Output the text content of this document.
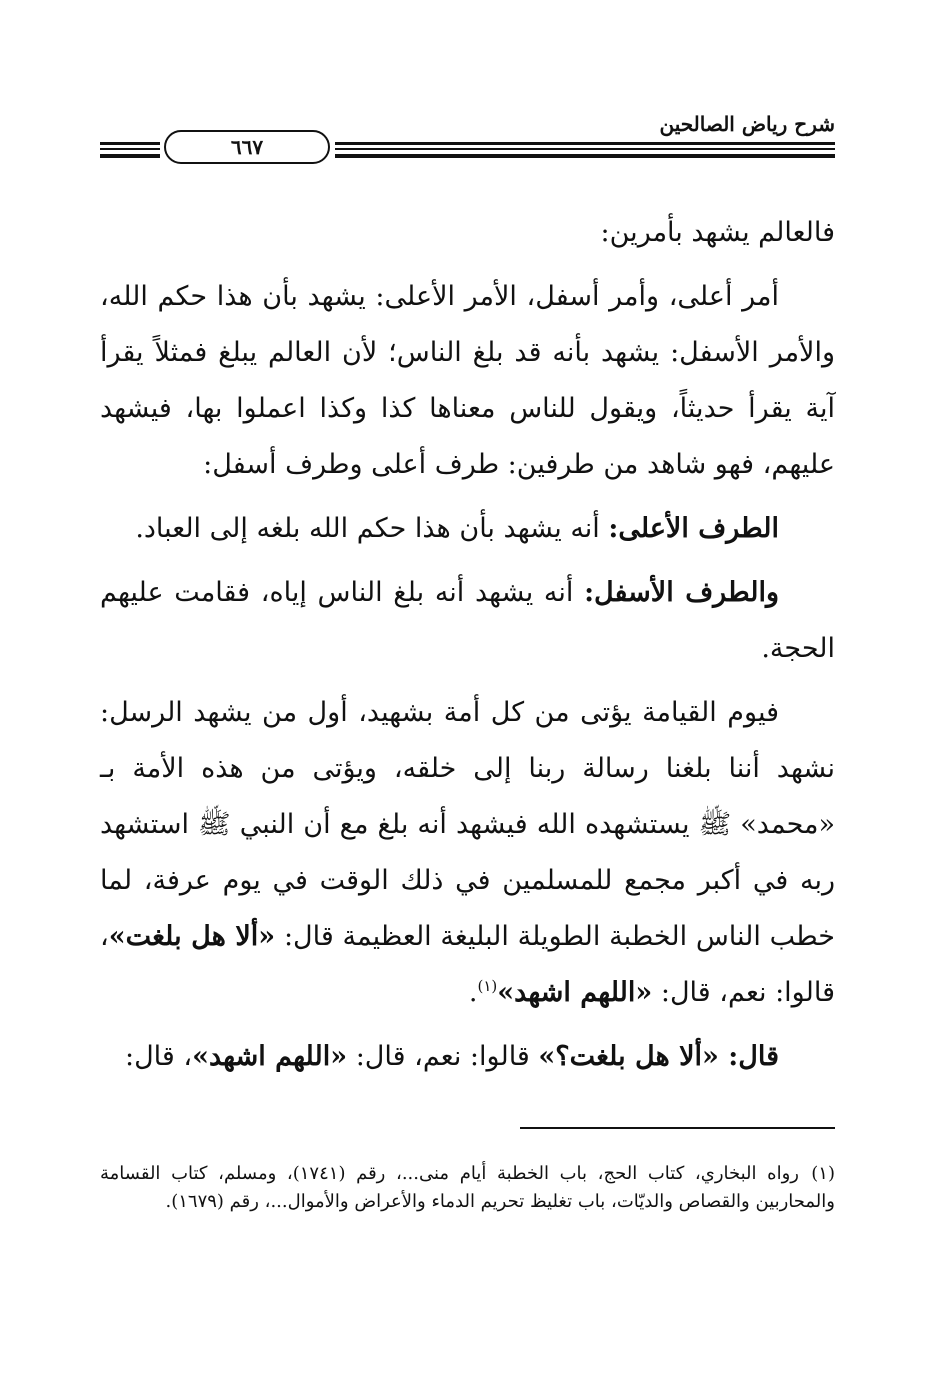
شرح رياض الصالحين
٦٦٧

فالعالم يشهد بأمرين:

أمر أعلى، وأمر أسفل، الأمر الأعلى: يشهد بأن هذا حكم الله، والأمر الأسفل: يشهد بأنه قد بلغ الناس؛ لأن العالم يبلغ فمثلاً يقرأ آية يقرأ حديثاً، ويقول للناس معناها كذا وكذا اعملوا بها، فيشهد عليهم، فهو شاهد من طرفين: طرف أعلى وطرف أسفل:

الطرف الأعلى: أنه يشهد بأن هذا حكم الله بلغه إلى العباد.

والطرف الأسفل: أنه يشهد أنه بلغ الناس إياه، فقامت عليهم الحجة.

فيوم القيامة يؤتى من كل أمة بشهيد، أول من يشهد الرسل: نشهد أننا بلغنا رسالة ربنا إلى خلقه، ويؤتى من هذه الأمة بـ «محمد» ﷺ يستشهده الله فيشهد أنه بلغ مع أن النبي ﷺ استشهد ربه في أكبر مجمع للمسلمين في ذلك الوقت في يوم عرفة، لما خطب الناس الخطبة الطويلة البليغة العظيمة قال: «ألا هل بلغت»، قالوا: نعم، قال: «اللهم اشهد»$^{(١)}$.

قال: «ألا هل بلغت؟» قالوا: نعم، قال: «اللهم اشهد»، قال:

(١)رواه البخاري، كتاب الحج، باب الخطبة أيام منى...، رقم (١٧٤١)، ومسلم، كتاب القسامة والمحاربين والقصاص والديّات، باب تغليظ تحريم الدماء والأعراض والأموال...، رقم (١٦٧٩).
